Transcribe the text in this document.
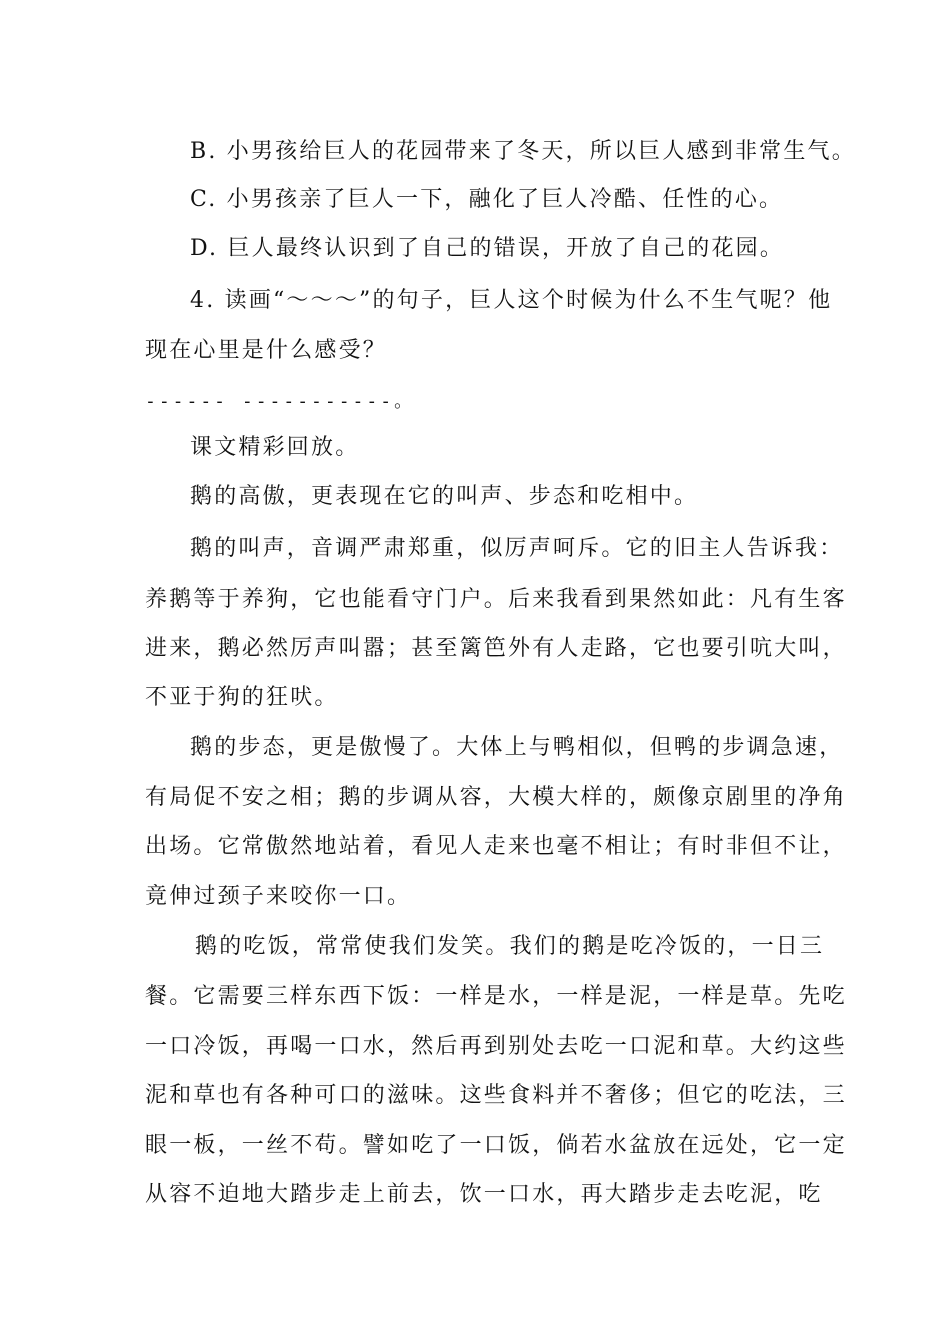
B. 小男孩给巨人的花园带来了冬天，所以巨人感到非常生气。
C. 小男孩亲了巨人一下，融化了巨人冷酷、任性的心。
D. 巨人最终认识到了自己的错误，开放了自己的花园。
4. 读画“～～～”的句子，巨人这个时候为什么不生气呢？他
现在心里是什么感受？
------ -----------。
课文精彩回放。
鹅的高傲，更表现在它的叫声、步态和吃相中。
鹅的叫声，音调严肃郑重，似厉声呵斥。它的旧主人告诉我：
养鹅等于养狗，它也能看守门户。后来我看到果然如此：凡有生客
进来，鹅必然厉声叫嚣；甚至篱笆外有人走路，它也要引吭大叫，
不亚于狗的狂吠。
鹅的步态，更是傲慢了。大体上与鸭相似，但鸭的步调急速，
有局促不安之相；鹅的步调从容，大模大样的，颇像京剧里的净角
出场。它常傲然地站着，看见人走来也毫不相让；有时非但不让，
竟伸过颈子来咬你一口。
鹅的吃饭，常常使我们发笑。我们的鹅是吃冷饭的，一日三
餐。它需要三样东西下饭：一样是水，一样是泥，一样是草。先吃
一口冷饭，再喝一口水，然后再到别处去吃一口泥和草。大约这些
泥和草也有各种可口的滋味。这些食料并不奢侈；但它的吃法，三
眼一板，一丝不苟。譬如吃了一口饭，倘若水盆放在远处，它一定
从容不迫地大踏步走上前去，饮一口水，再大踏步走去吃泥，吃
